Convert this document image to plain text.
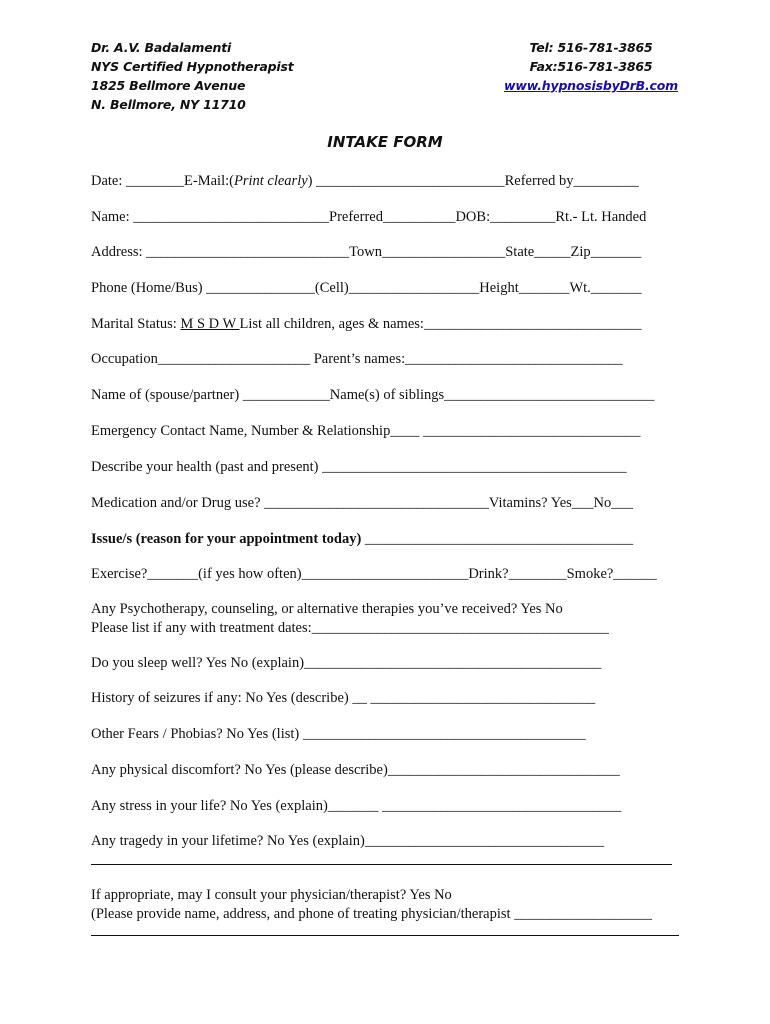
Dr. A.V. Badalamenti
NYS Certified Hypnotherapist
1825 Bellmore Avenue
N. Bellmore, NY 11710
Tel: 516-781-3865
Fax:516-781-3865
www.hypnosisbyDrB.com
INTAKE FORM
Date: ________E-Mail:(Print clearly) __________________________Referred by_________
Name: ___________________________Preferred__________DOB:_________Rt.- Lt. Handed
Address: ____________________________Town_________________State_____Zip_______
Phone (Home/Bus) _______________(Cell)__________________Height_______Wt._______
Marital Status: M S D W List all children, ages & names:______________________________
Occupation_____________________ Parent’s names:______________________________
Name of (spouse/partner) ____________Name(s) of siblings_____________________________
Emergency Contact Name, Number & Relationship____ ______________________________
Describe your health (past and present) __________________________________________
Medication and/or Drug use? _______________________________Vitamins? Yes___No___
Issue/s (reason for your appointment today) _____________________________________
Exercise?_______(if yes how often)_______________________Drink?________Smoke?______
Any Psychotherapy, counseling, or alternative therapies you’ve received? Yes No
Please list if any with treatment dates:_________________________________________
Do you sleep well? Yes No (explain)_________________________________________
History of seizures if any: No Yes (describe) __ _______________________________
Other Fears / Phobias? No Yes (list) _______________________________________
Any physical discomfort? No Yes (please describe)________________________________
Any stress in your life? No Yes (explain)_______ _________________________________
Any tragedy in your lifetime? No Yes (explain)_________________________________
If appropriate, may I consult your physician/therapist? Yes No
(Please provide name, address, and phone of treating physician/therapist ___________________
